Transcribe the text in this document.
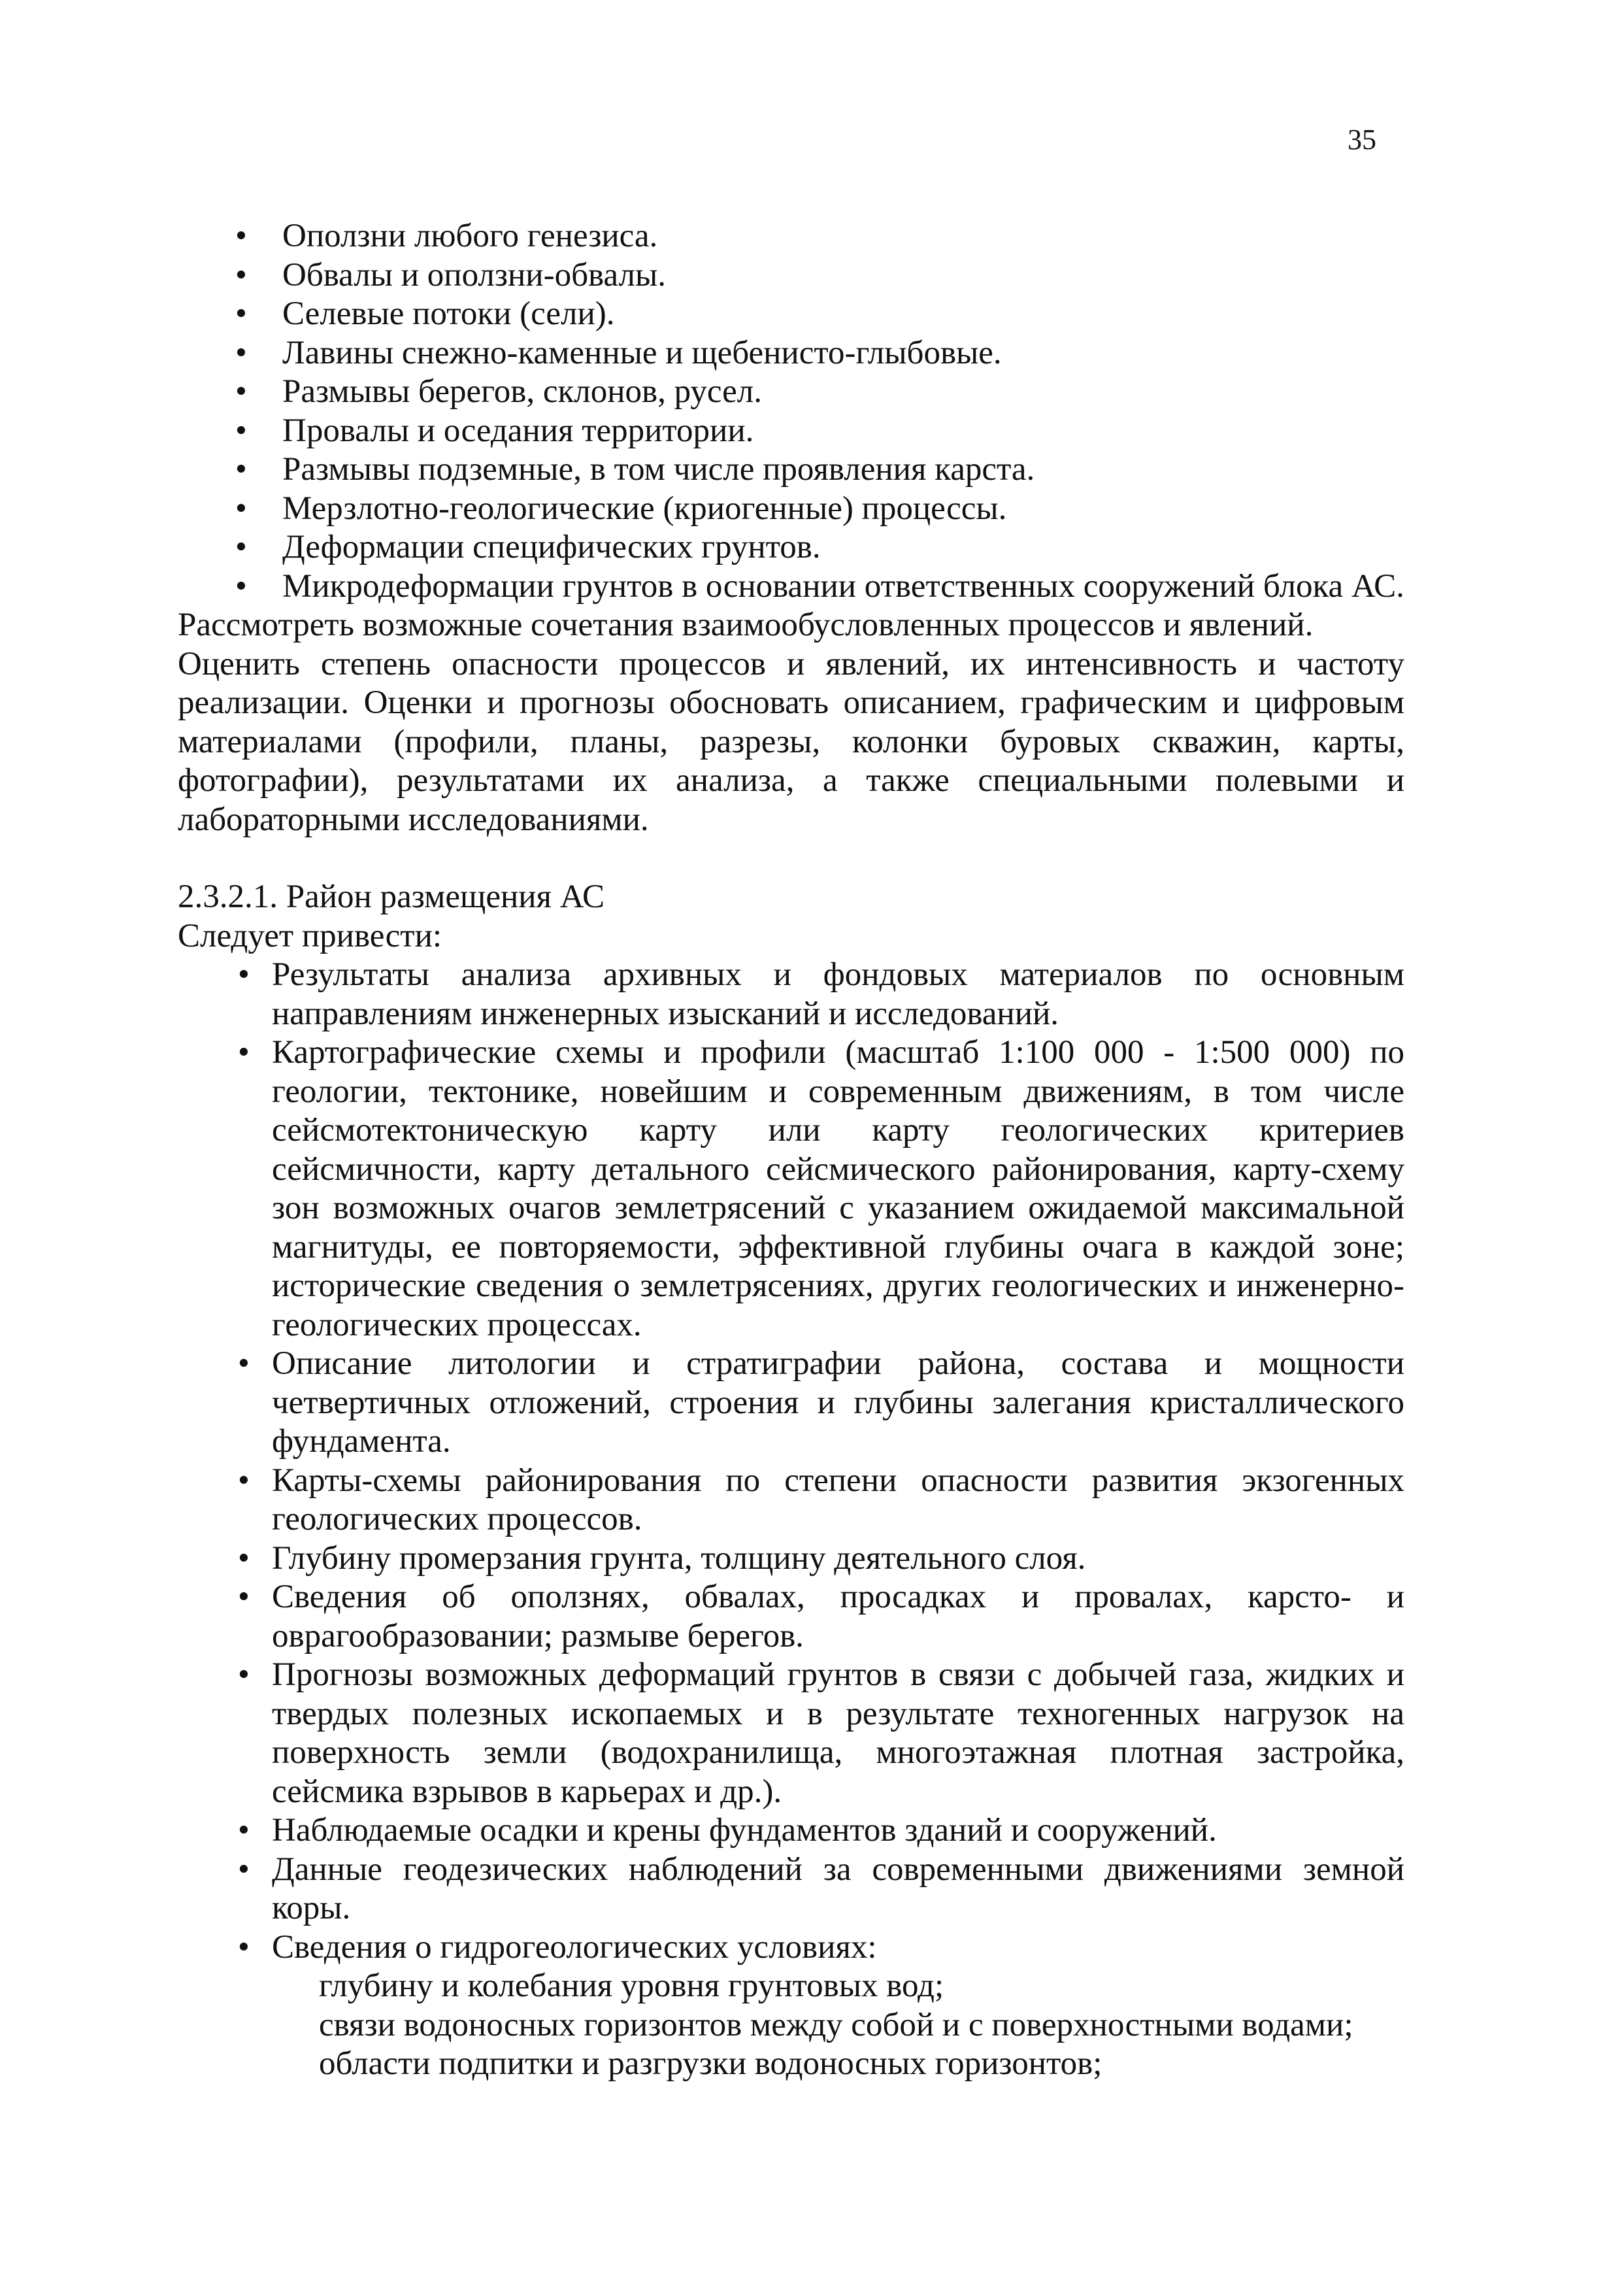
35
• Оползни любого генезиса.
• Обвалы и оползни-обвалы.
• Селевые потоки (сели).
• Лавины снежно-каменные и щебенисто-глыбовые.
• Размывы берегов, склонов, русел.
• Провалы и оседания территории.
• Размывы подземные, в том числе проявления карста.
• Мерзлотно-геологические (криогенные) процессы.
• Деформации специфических грунтов.
• Микродеформации грунтов в основании ответственных сооружений блока АС.

Рассмотреть возможные сочетания взаимообусловленных процессов и явлений.

Оценить степень опасности процессов и явлений, их интенсивность и частоту реализации. Оценки и прогнозы обосновать описанием, графическим и цифровым материалами (профили, планы, разрезы, колонки буровых скважин, карты, фотографии), результатами их анализа, а также специальными полевыми и лабораторными исследованиями.

2.3.2.1. Район размещения АС

Следует привести:

• Результаты анализа архивных и фондовых материалов по основным направлениям инженерных изысканий и исследований.
• Картографические схемы и профили (масштаб 1:100 000 - 1:500 000) по геологии, тектонике, новейшим и современным движениям, в том числе сейсмотектоническую карту или карту геологических критериев сейсмичности, карту детального сейсмического районирования, карту-схему зон возможных очагов землетрясений с указанием ожидаемой максимальной магнитуды, ее повторяемости, эффективной глубины очага в каждой зоне; исторические сведения о землетрясениях, других геологических и инженерно-геологических процессах.
• Описание литологии и стратиграфии района, состава и мощности четвертичных отложений, строения и глубины залегания кристаллического фундамента.
• Карты-схемы районирования по степени опасности развития экзогенных геологических процессов.
• Глубину промерзания грунта, толщину деятельного слоя.
• Сведения об оползнях, обвалах, просадках и провалах, карсто- и оврагообразовании; размыве берегов.
• Прогнозы возможных деформаций грунтов в связи с добычей газа, жидких и твердых полезных ископаемых и в результате техногенных нагрузок на поверхность земли (водохранилища, многоэтажная плотная застройка, сейсмика взрывов в карьерах и др.).
• Наблюдаемые осадки и крены фундаментов зданий и сооружений.
• Данные геодезических наблюдений за современными движениями земной коры.
• Сведения о гидрогеологических условиях:
глубину и колебания уровня грунтовых вод;
связи водоносных горизонтов между собой и с поверхностными водами;
области подпитки и разгрузки водоносных горизонтов;
